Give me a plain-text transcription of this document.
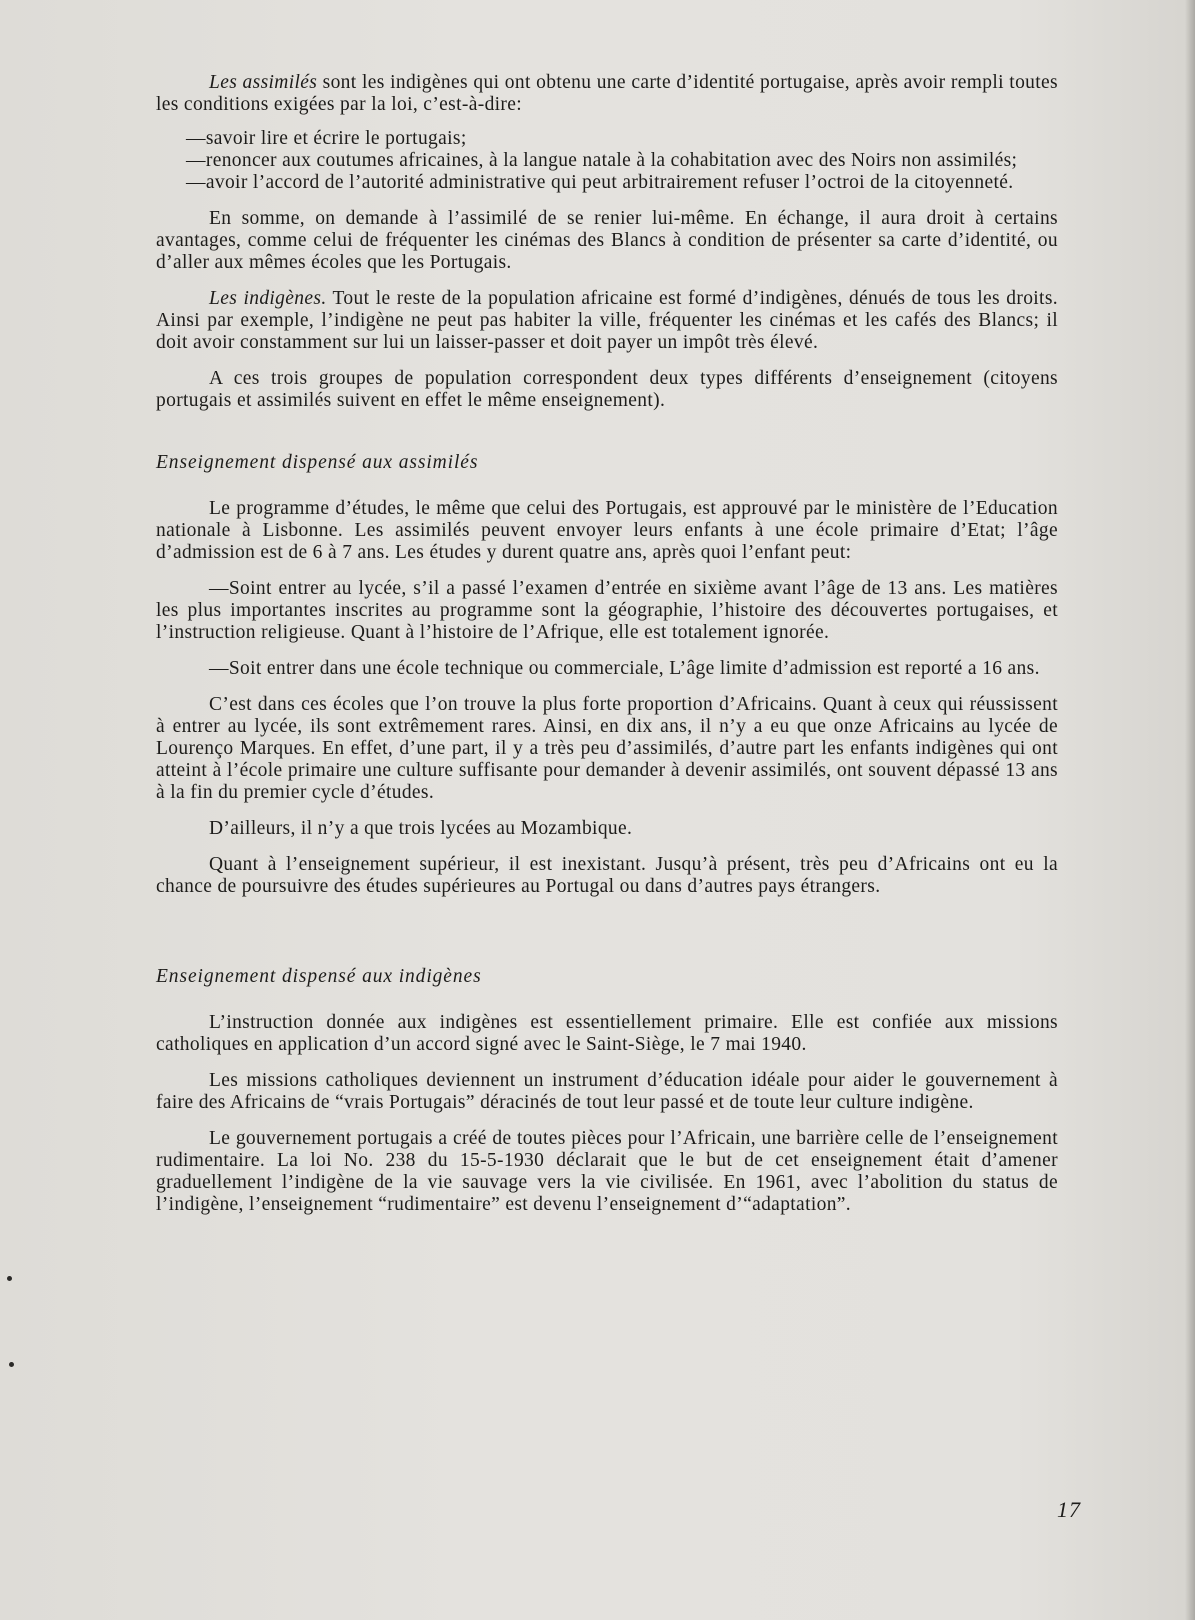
Les assimilés sont les indigènes qui ont obtenu une carte d’identité portugaise, après avoir rempli toutes les conditions exigées par la loi, c’est-à-dire:

—savoir lire et écrire le portugais;

—renoncer aux coutumes africaines, à la langue natale à la cohabitation avec des Noirs non assimilés;

—avoir l’accord de l’autorité administrative qui peut arbitrairement refuser l’octroi de la citoyenneté.

En somme, on demande à l’assimilé de se renier lui-même. En échange, il aura droit à certains avantages, comme celui de fréquenter les cinémas des Blancs à condition de présenter sa carte d’identité, ou d’aller aux mêmes écoles que les Portugais.

Les indigènes. Tout le reste de la population africaine est formé d’indigènes, dénués de tous les droits. Ainsi par exemple, l’indigène ne peut pas habiter la ville, fréquenter les cinémas et les cafés des Blancs; il doit avoir constamment sur lui un laisser-passer et doit payer un impôt très élevé.

A ces trois groupes de population correspondent deux types différents d’enseignement (citoyens portugais et assimilés suivent en effet le même enseignement).

Enseignement dispensé aux assimilés

Le programme d’études, le même que celui des Portugais, est approuvé par le ministère de l’Education nationale à Lisbonne. Les assimilés peuvent envoyer leurs enfants à une école primaire d’Etat; l’âge d’admission est de 6 à 7 ans. Les études y durent quatre ans, après quoi l’enfant peut:

—Soint entrer au lycée, s’il a passé l’examen d’entrée en sixième avant l’âge de 13 ans. Les matières les plus importantes inscrites au programme sont la géographie, l’histoire des découvertes portugaises, et l’instruction religieuse. Quant à l’histoire de l’Afrique, elle est totalement ignorée.

—Soit entrer dans une école technique ou commerciale, L’âge limite d’admission est reporté a 16 ans.

C’est dans ces écoles que l’on trouve la plus forte proportion d’Africains. Quant à ceux qui réussissent à entrer au lycée, ils sont extrêmement rares. Ainsi, en dix ans, il n’y a eu que onze Africains au lycée de Lourenço Marques. En effet, d’une part, il y a très peu d’assimilés, d’autre part les enfants indigènes qui ont atteint à l’école primaire une culture suffisante pour demander à devenir assimilés, ont souvent dépassé 13 ans à la fin du premier cycle d’études.

D’ailleurs, il n’y a que trois lycées au Mozambique.

Quant à l’enseignement supérieur, il est inexistant. Jusqu’à présent, très peu d’Africains ont eu la chance de poursuivre des études supérieures au Portugal ou dans d’autres pays étrangers.

Enseignement dispensé aux indigènes

L’instruction donnée aux indigènes est essentiellement primaire. Elle est confiée aux missions catholiques en application d’un accord signé avec le Saint-Siège, le 7 mai 1940.

Les missions catholiques deviennent un instrument d’éducation idéale pour aider le gouvernement à faire des Africains de “vrais Portugais” déracinés de tout leur passé et de toute leur culture indigène.

Le gouvernement portugais a créé de toutes pièces pour l’Africain, une barrière celle de l’enseignement rudimentaire. La loi No. 238 du 15-5-1930 déclarait que le but de cet enseignement était d’amener graduellement l’indigène de la vie sauvage vers la vie civilisée. En 1961, avec l’abolition du status de l’indigène, l’enseignement “rudimentaire” est devenu l’enseignement d’“adaptation”.

17
